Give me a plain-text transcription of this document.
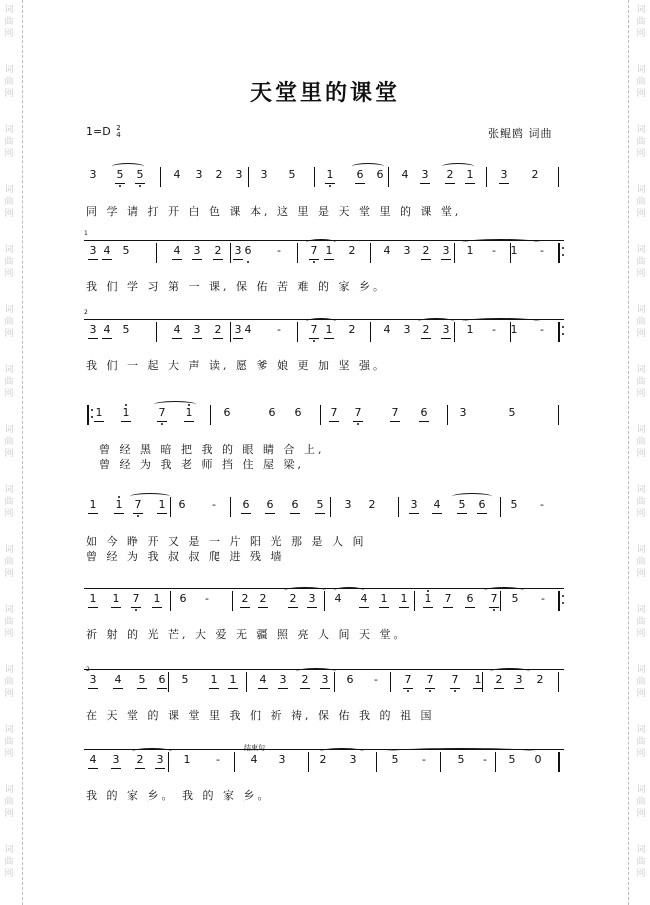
词
曲
网
词
曲
网
词
曲
网
词
曲
网
词
曲
网
词
曲
网
词
曲
网
词
曲
网
词
曲
网
词
曲
网
词
曲
网
词
曲
网
词
曲
网
词
曲
网
词
曲
网
词
曲
网
词
曲
网
词
曲
网
词
曲
网
词
曲
网
词
曲
网
词
曲
网
词
曲
网
词
曲
网
词
曲
网
词
曲
网
词
曲
网
词
曲
网
词
曲
网
词
曲
网
天堂里的课堂
1=D 2
4	张鲲鸥 词曲
3 5 5	4 3 2 3 3 5	1 6 6 4 3 2 1 3 2
同 学 请 打 开 白 色 课 本, 这 里 是 天 堂 里 的 课 堂,
3 4 5	4 3 2 3 6	-	7 1 2	4 3 2 3 1	-	1	-
1
我 们 学 习 第 一 课, 保 佑 苦 难 的 家 乡。
3 4 5	4 3 2 3 4	-	7 1 2	4 3 2 3 1	-	1	-
2
我 们 一 起 大 声 读, 愿 爹 娘 更 加 坚 强。
1 1	7 1	6	6 6	7 7	7 6	3	5
曾 经 黑 暗 把 我 的 眼 睛 合 上,
曾 经 为 我 老 师 挡 住 屋 梁,
1 1 7 1 6	-	6 6 6 5 3 2	3 4 5 6 5	-
如 今 睁 开 又 是 一 片 阳 光 那 是 人 间
曾 经 为 我 叔 叔 爬 进 残 墙
1 1 7 1 6	-	2 2 2 3 4 4 1 1 1 7 6 7 5	-
祈 射 的 光 芒, 大 爱 无 疆 照 亮 人 间 天 堂。
3 4 5 6 5 1 1 4 3 2 3 6	-	7 7 7 1 2 3 2
2
在 天 堂 的 课 堂 里 我 们 祈 祷, 保 佑 我 的 祖 国
4 3 2 3 1	-	4 3	2 3	5	-	5	-	5 0
结束句
我 的 家 乡。 我 的 家 乡。
